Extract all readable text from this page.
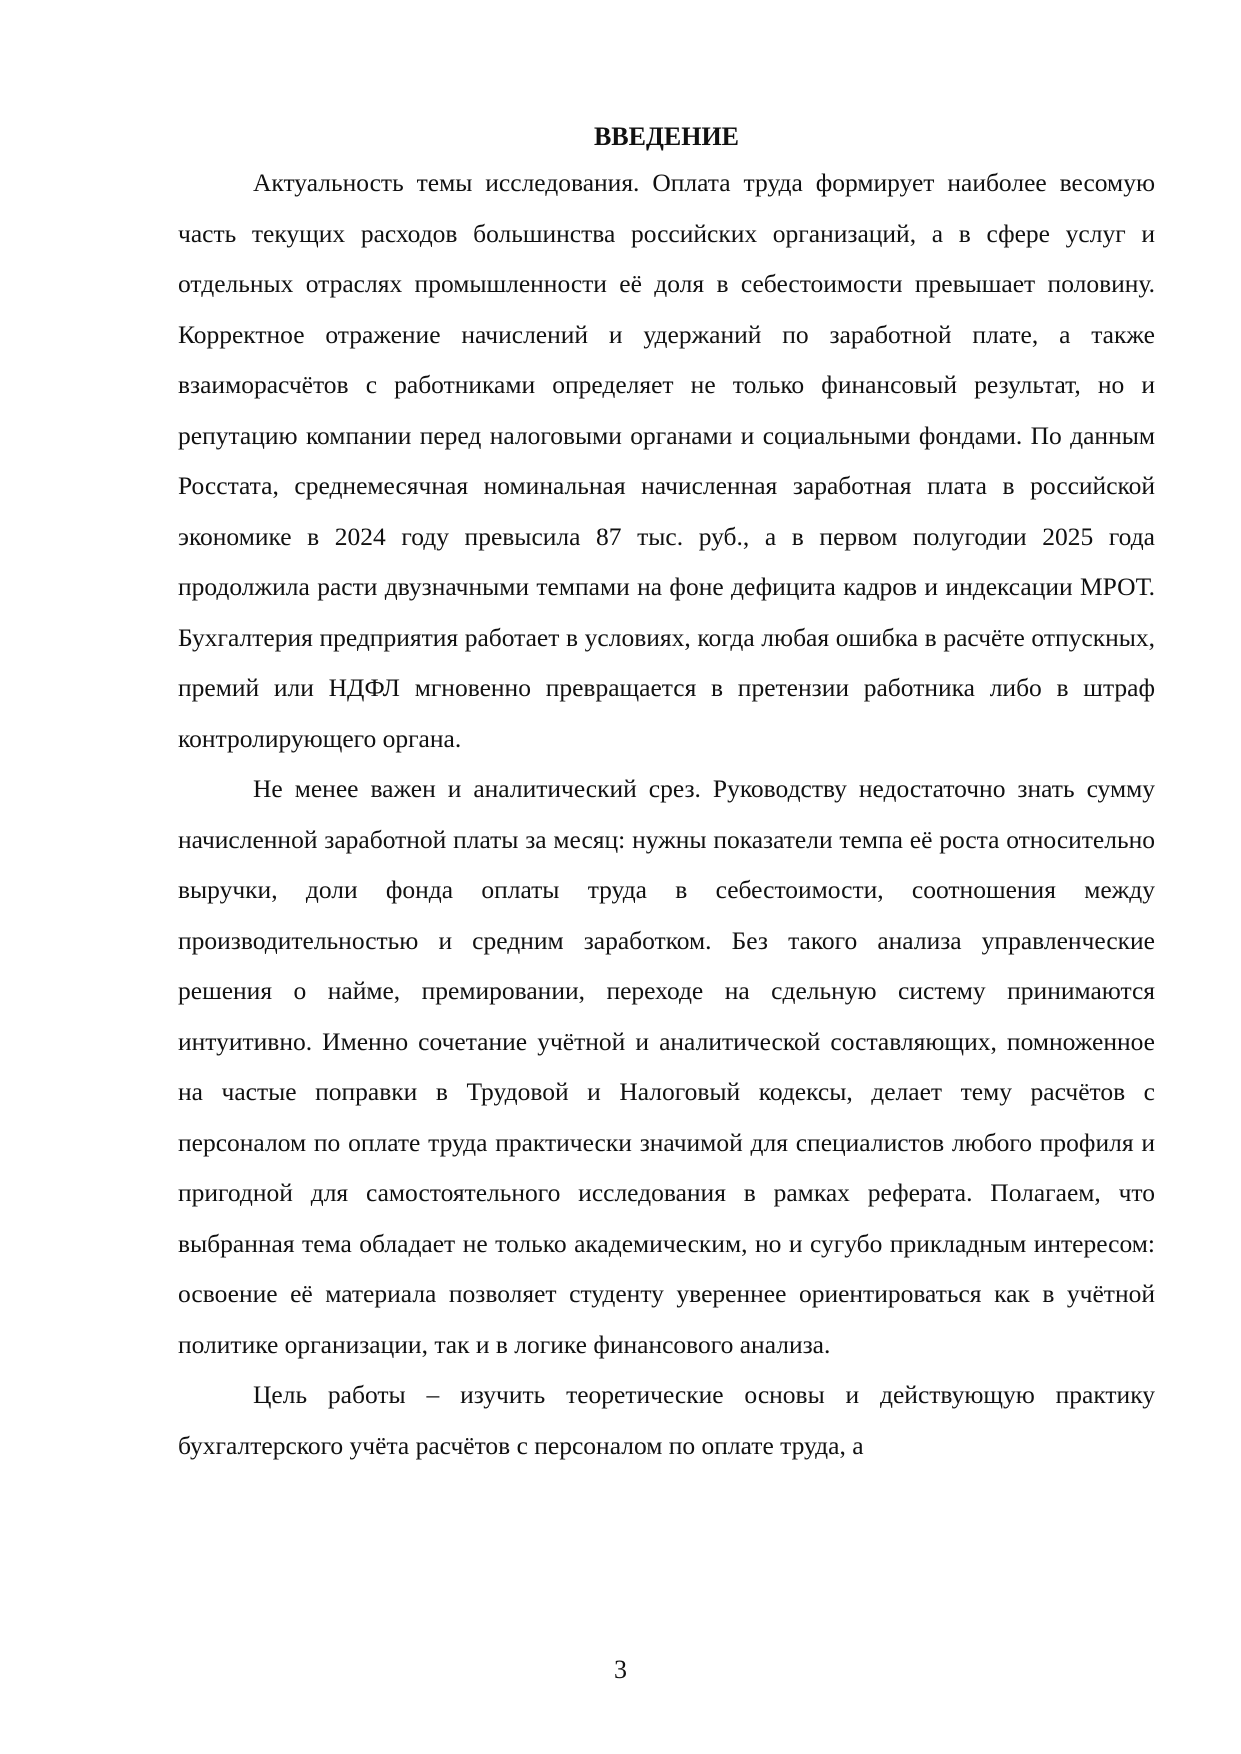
ВВЕДЕНИЕ

Актуальность темы исследования. Оплата труда формирует наиболее весомую часть текущих расходов большинства российских организаций, а в сфере услуг и отдельных отраслях промышленности её доля в себестоимости превышает половину. Корректное отражение начислений и удержаний по заработной плате, а также взаиморасчётов с работниками определяет не только финансовый результат, но и репутацию компании перед налоговыми органами и социальными фондами. По данным Росстата, среднемесячная номинальная начисленная заработная плата в российской экономике в 2024 году превысила 87 тыс. руб., а в первом полугодии 2025 года продолжила расти двузначными темпами на фоне дефицита кадров и индексации МРОТ. Бухгалтерия предприятия работает в условиях, когда любая ошибка в расчёте отпускных, премий или НДФЛ мгновенно превращается в претензии работника либо в штраф контролирующего органа.

Не менее важен и аналитический срез. Руководству недостаточно знать сумму начисленной заработной платы за месяц: нужны показатели темпа её роста относительно выручки, доли фонда оплаты труда в себестоимости, соотношения между производительностью и средним заработком. Без такого анализа управленческие решения о найме, премировании, переходе на сдельную систему принимаются интуитивно. Именно сочетание учётной и аналитической составляющих, помноженное на частые поправки в Трудовой и Налоговый кодексы, делает тему расчётов с персоналом по оплате труда практически значимой для специалистов любого профиля и пригодной для самостоятельного исследования в рамках реферата. Полагаем, что выбранная тема обладает не только академическим, но и сугубо прикладным интересом: освоение её материала позволяет студенту увереннее ориентироваться как в учётной политике организации, так и в логике финансового анализа.

Цель работы – изучить теоретические основы и действующую практику бухгалтерского учёта расчётов с персоналом по оплате труда, а

3
